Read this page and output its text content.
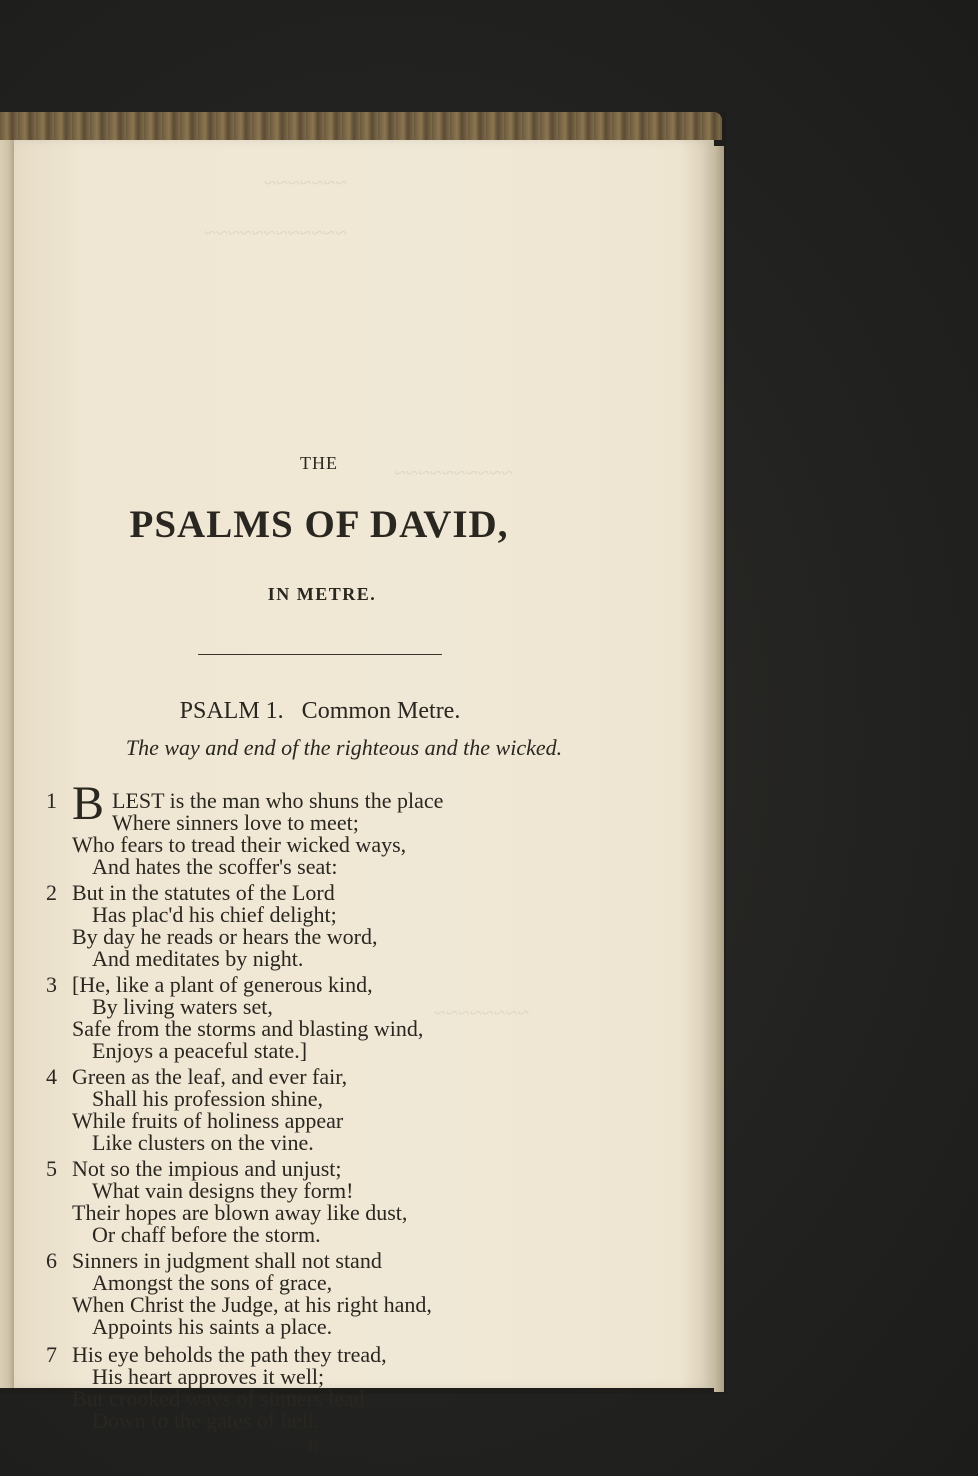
~~~~~~~
~~~~~~~~~~~~
~~~~~~~~~~
~~~~~~~~
THE
PSALMS OF DAVID,
IN METRE.
PSALM 1.   Common Metre.
The way and end of the righteous and the wicked.
1 B LEST is the man who shuns the place
Where sinners love to meet;
Who fears to tread their wicked ways,
And hates the scoffer's seat:
2 But in the statutes of the Lord
Has plac'd his chief delight;
By day he reads or hears the word,
And meditates by night.
3 [He, like a plant of generous kind,
By living waters set,
Safe from the storms and blasting wind,
Enjoys a peaceful state.]
4 Green as the leaf, and ever fair,
Shall his profession shine,
While fruits of holiness appear
Like clusters on the vine.
5 Not so the impious and unjust;
What vain designs they form!
Their hopes are blown away like dust,
Or chaff before the storm.
6 Sinners in judgment shall not stand
Amongst the sons of grace,
When Christ the Judge, at his right hand,
Appoints his saints a place.
7 His eye beholds the path they tread,
His heart approves it well;
But crooked ways of sinners lead
Down to the gates of hell.
B
